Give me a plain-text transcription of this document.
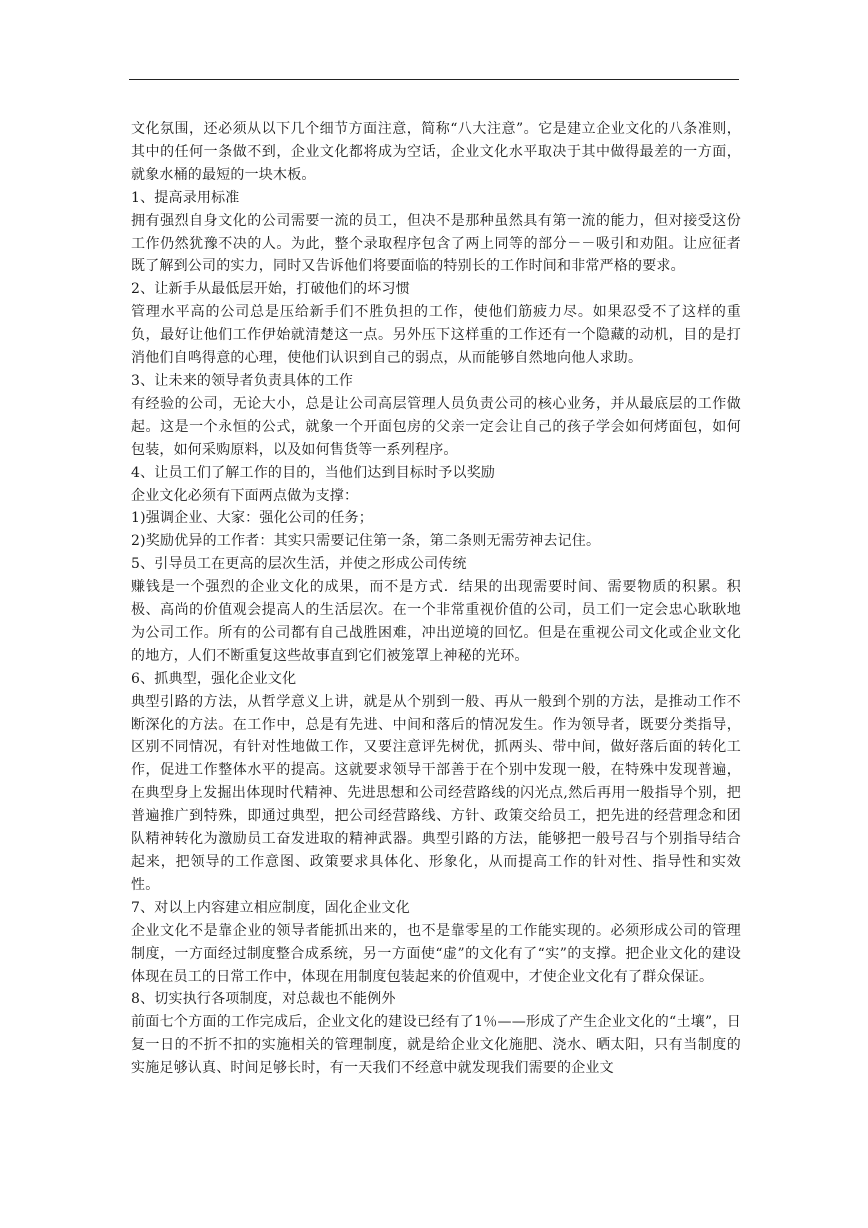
文化氛围，还必须从以下几个细节方面注意，简称“八大注意”。它是建立企业文化的八条准则，其中的任何一条做不到，企业文化都将成为空话，企业文化水平取决于其中做得最差的一方面，就象水桶的最短的一块木板。

1、提高录用标准

拥有强烈自身文化的公司需要一流的员工，但决不是那种虽然具有第一流的能力，但对接受这份工作仍然犹豫不决的人。为此，整个录取程序包含了两上同等的部分－－吸引和劝阻。让应征者既了解到公司的实力，同时又告诉他们将要面临的特别长的工作时间和非常严格的要求。

2、让新手从最低层开始，打破他们的坏习惯

管理水平高的公司总是压给新手们不胜负担的工作，使他们筋疲力尽。如果忍受不了这样的重负，最好让他们工作伊始就清楚这一点。另外压下这样重的工作还有一个隐藏的动机，目的是打消他们自鸣得意的心理，使他们认识到自己的弱点，从而能够自然地向他人求助。

3、让未来的领导者负责具体的工作

有经验的公司，无论大小，总是让公司高层管理人员负责公司的核心业务，并从最底层的工作做起。这是一个永恒的公式，就象一个开面包房的父亲一定会让自己的孩子学会如何烤面包，如何包装，如何采购原料，以及如何售货等一系列程序。

4、让员工们了解工作的目的，当他们达到目标时予以奖励

企业文化必须有下面两点做为支撑：

1)强调企业、大家：强化公司的任务；

2)奖励优异的工作者：其实只需要记住第一条，第二条则无需劳神去记住。

5、引导员工在更高的层次生活，并使之形成公司传统

赚钱是一个强烈的企业文化的成果，而不是方式．结果的出现需要时间、需要物质的积累。积极、高尚的价值观会提高人的生活层次。在一个非常重视价值的公司，员工们一定会忠心耿耿地为公司工作。所有的公司都有自己战胜困难，冲出逆境的回忆。但是在重视公司文化或企业文化的地方，人们不断重复这些故事直到它们被笼罩上神秘的光环。

6、抓典型，强化企业文化

典型引路的方法，从哲学意义上讲，就是从个别到一般、再从一般到个别的方法，是推动工作不断深化的方法。在工作中，总是有先进、中间和落后的情况发生。作为领导者，既要分类指导，区别不同情况，有针对性地做工作，又要注意评先树优，抓两头、带中间，做好落后面的转化工作，促进工作整体水平的提高。这就要求领导干部善于在个别中发现一般，在特殊中发现普遍，在典型身上发掘出体现时代精神、先进思想和公司经营路线的闪光点,然后再用一般指导个别，把普遍推广到特殊，即通过典型，把公司经营路线、方针、政策交给员工，把先进的经营理念和团队精神转化为激励员工奋发进取的精神武器。典型引路的方法，能够把一般号召与个别指导结合起来，把领导的工作意图、政策要求具体化、形象化，从而提高工作的针对性、指导性和实效性。

7、对以上内容建立相应制度，固化企业文化

企业文化不是靠企业的领导者能抓出来的，也不是靠零星的工作能实现的。必须形成公司的管理制度，一方面经过制度整合成系统，另一方面使“虚”的文化有了“实”的支撑。把企业文化的建设体现在员工的日常工作中，体现在用制度包装起来的价值观中，才使企业文化有了群众保证。

8、切实执行各项制度，对总裁也不能例外

前面七个方面的工作完成后，企业文化的建设已经有了1％——形成了产生企业文化的“土壤”，日复一日的不折不扣的实施相关的管理制度，就是给企业文化施肥、浇水、晒太阳，只有当制度的实施足够认真、时间足够长时，有一天我们不经意中就发现我们需要的企业文
